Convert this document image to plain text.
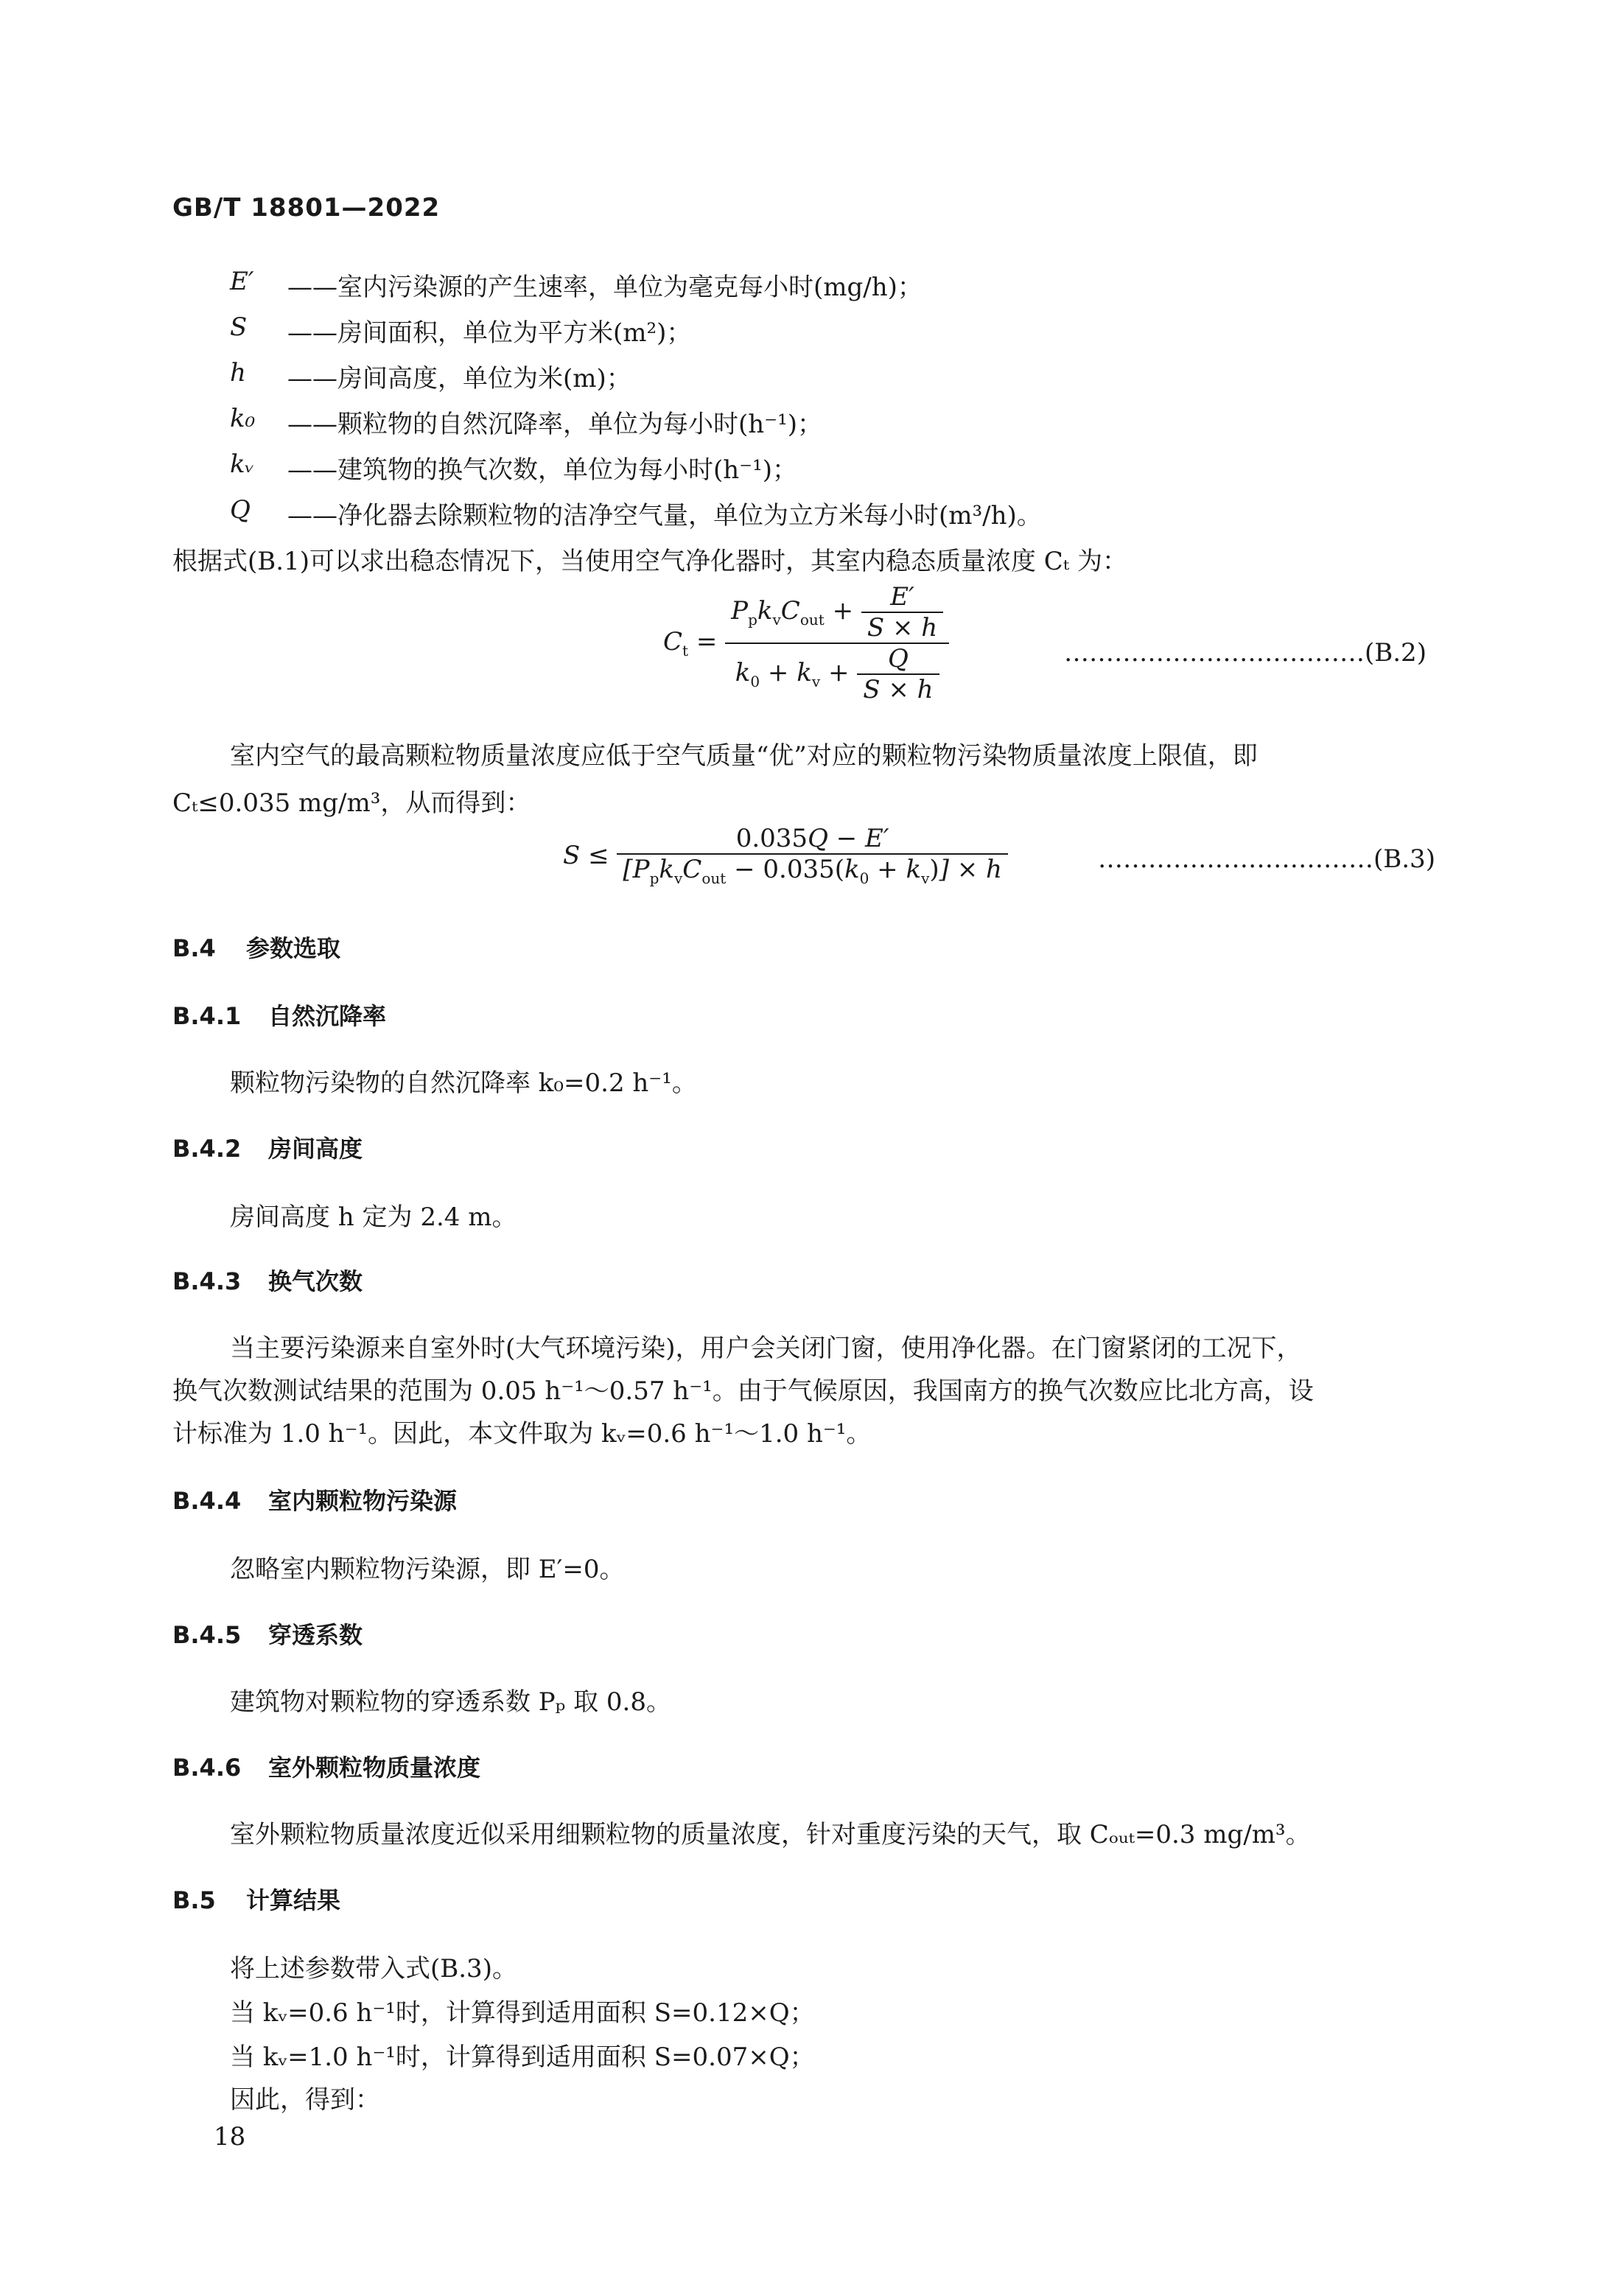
GB/T 18801—2022
E′ ——室内污染源的产生速率，单位为毫克每小时(mg/h)；
S ——房间面积，单位为平方米(m²)；
h ——房间高度，单位为米(m)；
k₀ ——颗粒物的自然沉降率，单位为每小时(h⁻¹)；
kᵥ ——建筑物的换气次数，单位为每小时(h⁻¹)；
Q ——净化器去除颗粒物的洁净空气量，单位为立方米每小时(m³/h)。
根据式(B.1)可以求出稳态情况下，当使用空气净化器时，其室内稳态质量浓度 Cₜ 为：
$C_t = \frac{P_pk_vC_{out} + \frac{E'}{S \times h}}{k_0 + k_v + \frac{Q}{S \times h}}$	………………………………(B.2)
室内空气的最高颗粒物质量浓度应低于空气质量“优”对应的颗粒物污染物质量浓度上限值，即
Cₜ≤0.035 mg/m³，从而得到：
$S \le \frac{0.035Q - E'}{[P_pk_vC_{out} - 0.035(k_0 + k_v)] \times h}$	……………………………(B.3)
B.4 参数选取
B.4.1 自然沉降率
颗粒物污染物的自然沉降率 k₀=0.2 h⁻¹。
B.4.2 房间高度
房间高度 h 定为 2.4 m。
B.4.3 换气次数
当主要污染源来自室外时(大气环境污染)，用户会关闭门窗，使用净化器。在门窗紧闭的工况下，
换气次数测试结果的范围为 0.05 h⁻¹～0.57 h⁻¹。由于气候原因，我国南方的换气次数应比北方高，设
计标准为 1.0 h⁻¹。因此，本文件取为 kᵥ=0.6 h⁻¹～1.0 h⁻¹。
B.4.4 室内颗粒物污染源
忽略室内颗粒物污染源，即 E′=0。
B.4.5 穿透系数
建筑物对颗粒物的穿透系数 Pₚ 取 0.8。
B.4.6 室外颗粒物质量浓度
室外颗粒物质量浓度近似采用细颗粒物的质量浓度，针对重度污染的天气，取 Cₒᵤₜ=0.3 mg/m³。
B.5 计算结果
将上述参数带入式(B.3)。
当 kᵥ=0.6 h⁻¹时，计算得到适用面积 S=0.12×Q；
当 kᵥ=1.0 h⁻¹时，计算得到适用面积 S=0.07×Q；
因此，得到：
18
